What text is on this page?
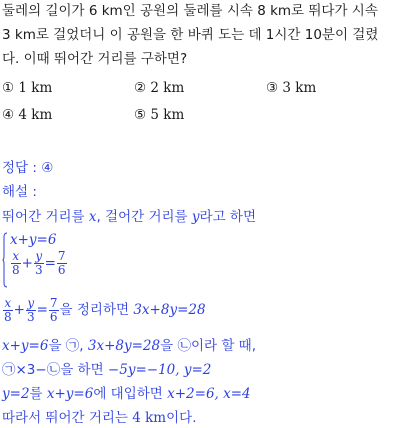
둘레의 길이가 6 km인 공원의 둘레를 시속 8 km로 뛰다가 시속
3 km로 걸었더니 이 공원을 한 바퀴 도는 데 1시간 10분이 걸렸
다. 이때 뛰어간 거리를 구하면?
① 1 km	② 2 km	③ 3 km
④ 4 km	⑤ 5 km
정답 : ④
해설 :
뛰어간 거리를 x, 걸어간 거리를 y라고 하면
x+y=6
$\frac{x}{8} + \frac{y}{3} = \frac{7}{6}$
$\frac{x}{8} + \frac{y}{3} = \frac{7}{6}$ 을 정리하면 3x+8y=28
x+y=6을 ㉠, 3x+8y=28을 ㉡이라 할 때,
㉠×3−㉡을 하면 −5y=−10, y=2
y=2를 x+y=6에 대입하면 x+2=6, x=4
따라서 뛰어간 거리는 4 km이다.
